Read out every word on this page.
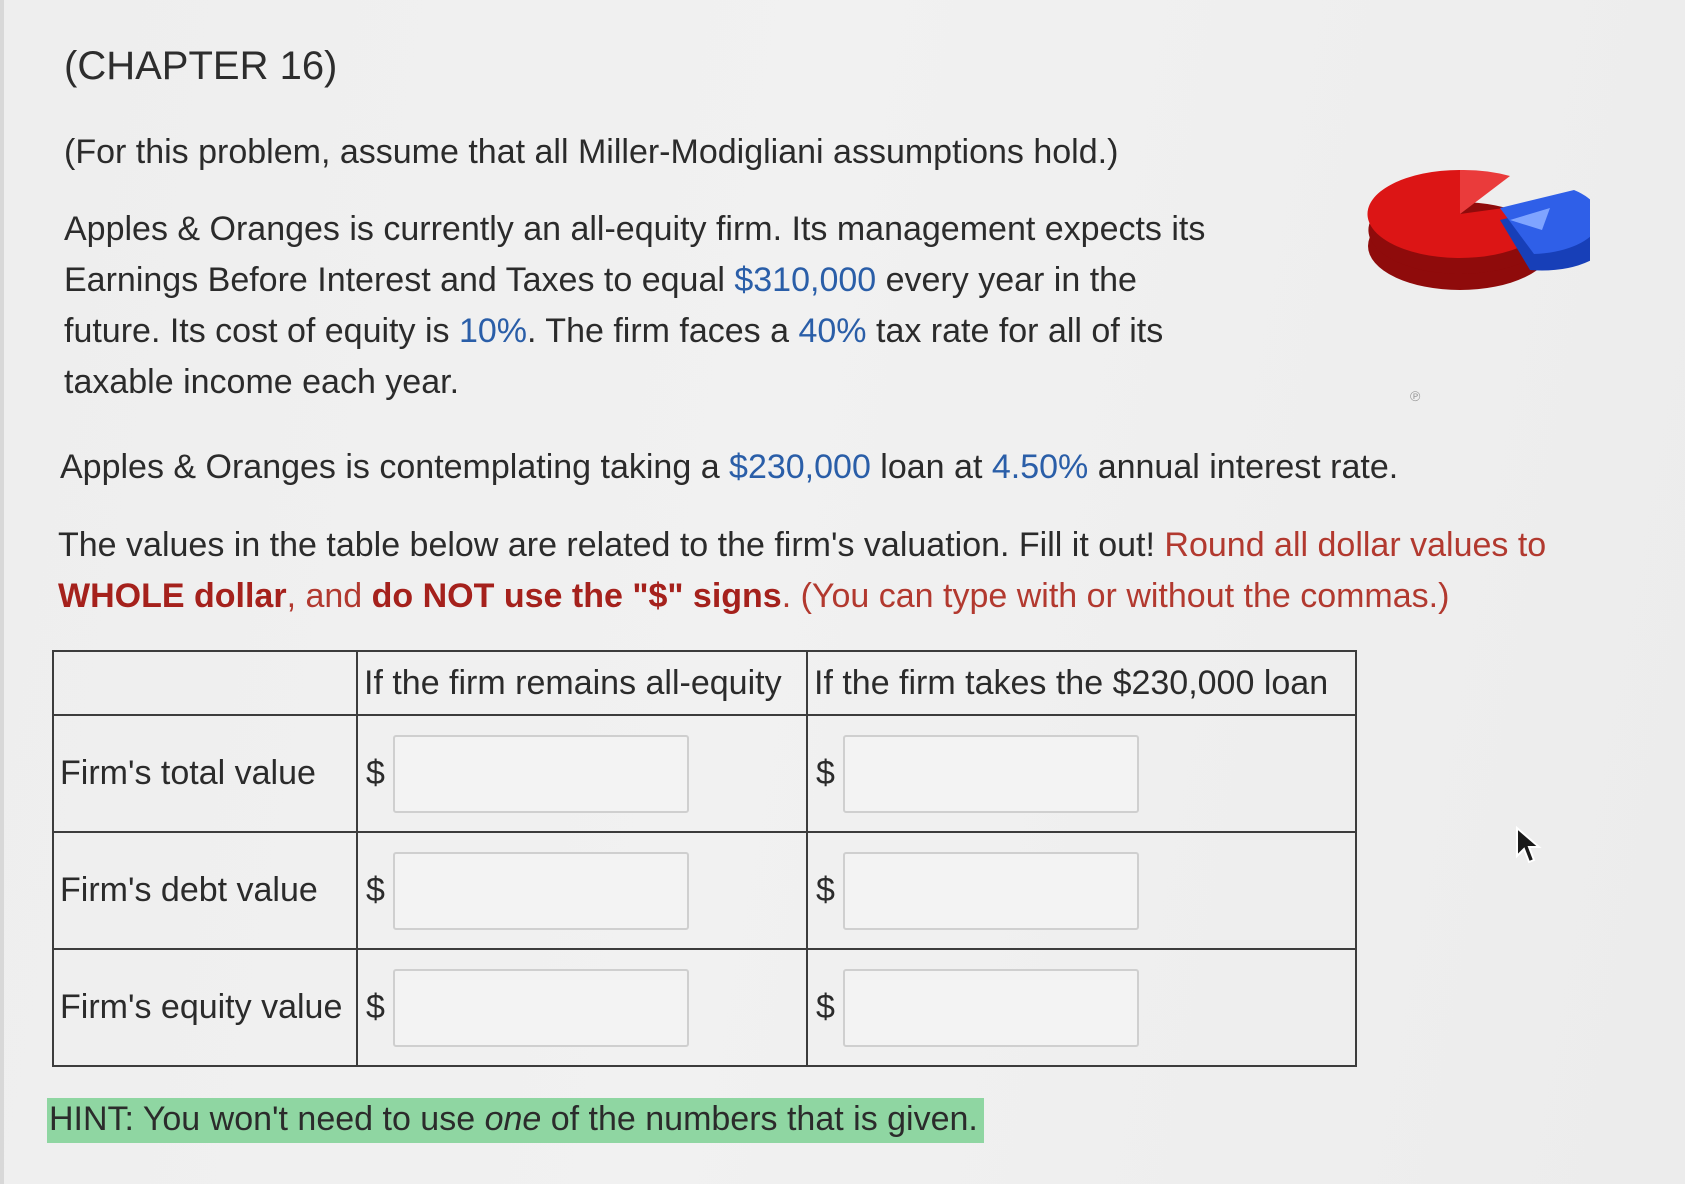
(CHAPTER 16)
(For this problem, assume that all Miller-Modigliani assumptions hold.)
Apples & Oranges is currently an all-equity firm. Its management expects its
Earnings Before Interest and Taxes to equal $310,000 every year in the
future. Its cost of equity is 10%. The firm faces a 40% tax rate for all of its
taxable income each year.	℗
Apples & Oranges is contemplating taking a $230,000 loan at 4.50% annual interest rate.
The values in the table below are related to the firm's valuation. Fill it out! Round all dollar values to
WHOLE dollar, and do NOT use the "$" signs. (You can type with or without the commas.)
	If the firm remains all-equity	If the firm takes the $230,000 loan
Firm's total value	$	$

Firm's debt value	$	$

Firm's equity value	$	$
HINT: You won't need to use one of the numbers that is given.
